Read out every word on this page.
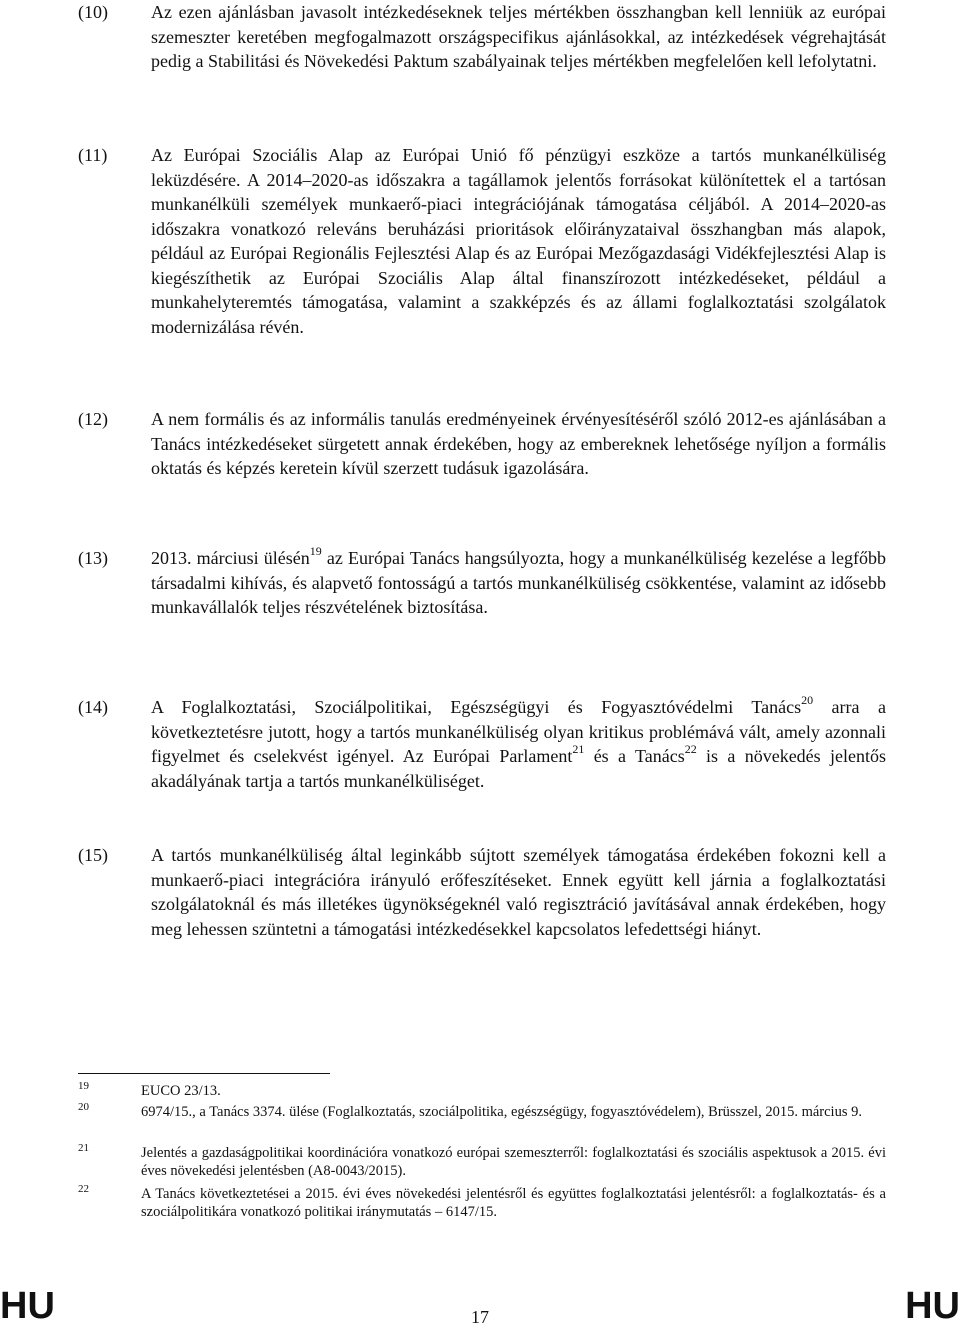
(10) Az ezen ajánlásban javasolt intézkedéseknek teljes mértékben összhangban kell lenniük az európai szemeszter keretében megfogalmazott országspecifikus ajánlásokkal, az intézkedések végrehajtását pedig a Stabilitási és Növekedési Paktum szabályainak teljes mértékben megfelelően kell lefolytatni.
(11) Az Európai Szociális Alap az Európai Unió fő pénzügyi eszköze a tartós munkanélküliség leküzdésére. A 2014–2020-as időszakra a tagállamok jelentős forrásokat különítettek el a tartósan munkanélküli személyek munkaerő-piaci integrációjának támogatása céljából. A 2014–2020-as időszakra vonatkozó releváns beruházási prioritások előirányzataival összhangban más alapok, például az Európai Regionális Fejlesztési Alap és az Európai Mezőgazdasági Vidékfejlesztési Alap is kiegészíthetik az Európai Szociális Alap által finanszírozott intézkedéseket, például a munkahelyteremtés támogatása, valamint a szakképzés és az állami foglalkoztatási szolgálatok modernizálása révén.
(12) A nem formális és az informális tanulás eredményeinek érvényesítéséről szóló 2012-es ajánlásában a Tanács intézkedéseket sürgetett annak érdekében, hogy az embereknek lehetősége nyíljon a formális oktatás és képzés keretein kívül szerzett tudásuk igazolására.
(13) 2013. márciusi ülésén$^{19}$ az Európai Tanács hangsúlyozta, hogy a munkanélküliség kezelése a legfőbb társadalmi kihívás, és alapvető fontosságú a tartós munkanélküliség csökkentése, valamint az idősebb munkavállalók teljes részvételének biztosítása.
(14) A Foglalkoztatási, Szociálpolitikai, Egészségügyi és Fogyasztóvédelmi Tanács$^{20}$ arra a következtetésre jutott, hogy a tartós munkanélküliség olyan kritikus problémává vált, amely azonnali figyelmet és cselekvést igényel. Az Európai Parlament$^{21}$ és a Tanács$^{22}$ is a növekedés jelentős akadályának tartja a tartós munkanélküliséget.
(15) A tartós munkanélküliség által leginkább sújtott személyek támogatása érdekében fokozni kell a munkaerő-piaci integrációra irányuló erőfeszítéseket. Ennek együtt kell járnia a foglalkoztatási szolgálatoknál és más illetékes ügynökségeknél való regisztráció javításával annak érdekében, hogy meg lehessen szüntetni a támogatási intézkedésekkel kapcsolatos lefedettségi hiányt.
19	EUCO 23/13.
20	6974/15., a Tanács 3374. ülése (Foglalkoztatás, szociálpolitika, egészségügy, fogyasztóvédelem), Brüsszel, 2015. március 9.
21	Jelentés a gazdaságpolitikai koordinációra vonatkozó európai szemeszterről: foglalkoztatási és szociális aspektusok a 2015. évi éves növekedési jelentésben (A8-0043/2015).
22	A Tanács következtetései a 2015. évi éves növekedési jelentésről és együttes foglalkoztatási jelentésről: a foglalkoztatás- és a szociálpolitikára vonatkozó politikai iránymutatás – 6147/15.
HU	17	HU
